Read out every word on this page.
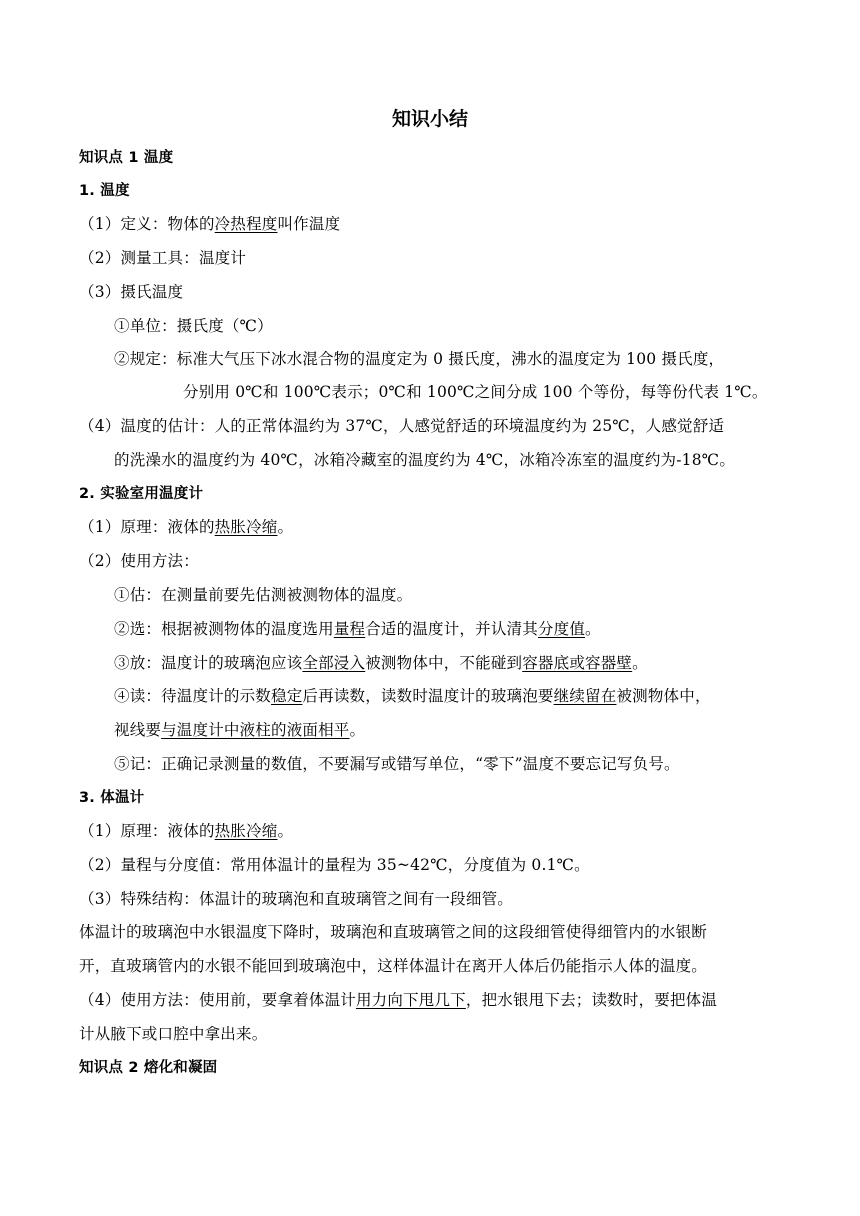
知识小结
知识点 1 温度
1. 温度
（1）定义：物体的冷热程度叫作温度
（2）测量工具：温度计
（3）摄氏温度
①单位：摄氏度（℃）
②规定：标准大气压下冰水混合物的温度定为 0 摄氏度，沸水的温度定为 100 摄氏度，
分别用 0℃和 100℃表示；0℃和 100℃之间分成 100 个等份，每等份代表 1℃。
（4）温度的估计：人的正常体温约为 37℃，人感觉舒适的环境温度约为 25℃，人感觉舒适
的洗澡水的温度约为 40℃，冰箱冷藏室的温度约为 4℃，冰箱冷冻室的温度约为-18℃。
2. 实验室用温度计
（1）原理：液体的热胀冷缩。
（2）使用方法：
①估：在测量前要先估测被测物体的温度。
②选：根据被测物体的温度选用量程合适的温度计，并认清其分度值。
③放：温度计的玻璃泡应该全部浸入被测物体中，不能碰到容器底或容器壁。
④读：待温度计的示数稳定后再读数，读数时温度计的玻璃泡要继续留在被测物体中，
视线要与温度计中液柱的液面相平。
⑤记：正确记录测量的数值，不要漏写或错写单位，“零下”温度不要忘记写负号。
3. 体温计
（1）原理：液体的热胀冷缩。
（2）量程与分度值：常用体温计的量程为 35~42℃，分度值为 0.1℃。
（3）特殊结构：体温计的玻璃泡和直玻璃管之间有一段细管。
体温计的玻璃泡中水银温度下降时，玻璃泡和直玻璃管之间的这段细管使得细管内的水银断
开，直玻璃管内的水银不能回到玻璃泡中，这样体温计在离开人体后仍能指示人体的温度。
（4）使用方法：使用前，要拿着体温计用力向下甩几下，把水银甩下去；读数时，要把体温
计从腋下或口腔中拿出来。
知识点 2 熔化和凝固
